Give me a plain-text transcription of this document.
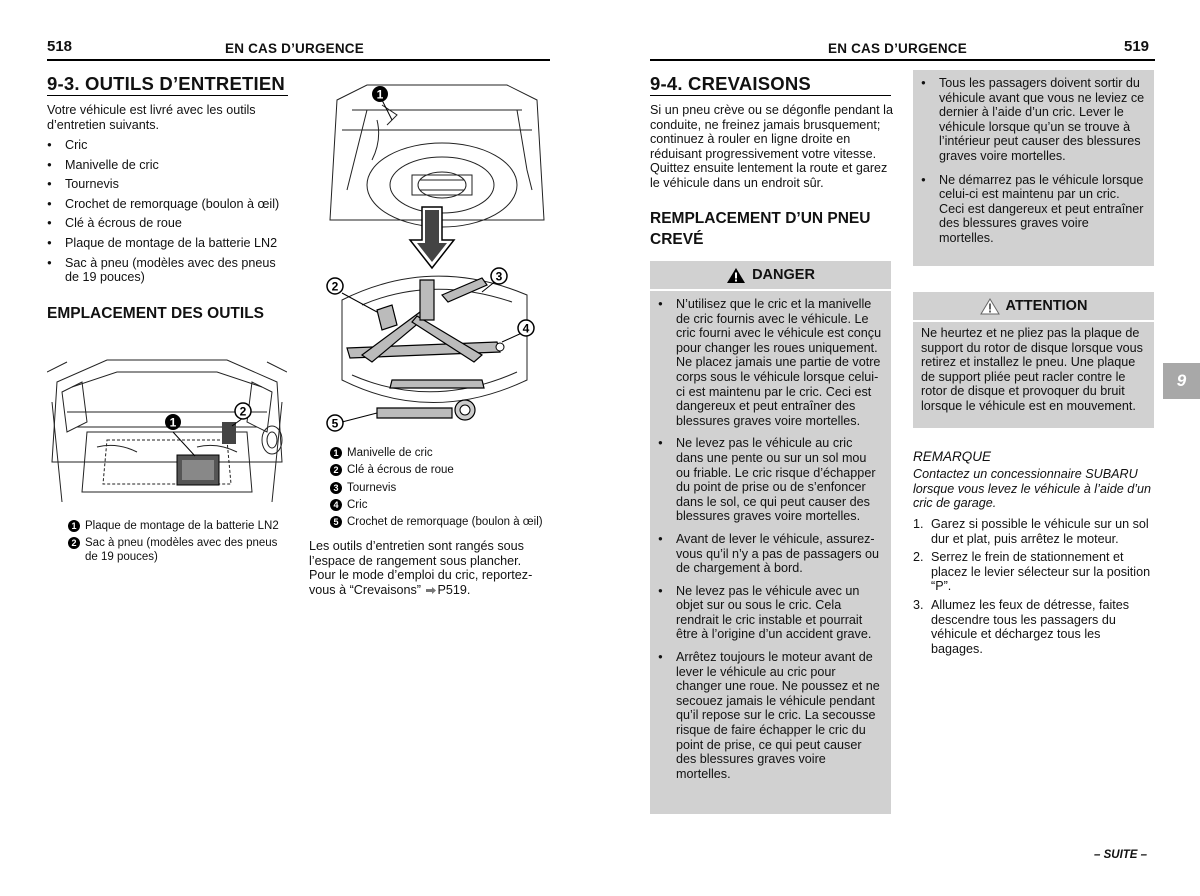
518	EN CAS D’URGENCE
9-3. OUTILS D’ENTRETIEN
Votre véhicule est livré avec les outils d’entretien suivants.
● Cric
● Manivelle de cric
● Tournevis
● Crochet de remorquage (boulon à œil)
● Clé à écrous de roue
● Plaque de montage de la batterie LN2
● Sac à pneu (modèles avec des pneus de 19 pouces)
EMPLACEMENT DES OUTILS
1
2
1 Plaque de montage de la batterie LN2
2 Sac à pneu (modèles avec des pneus de 19 pouces)
1
2
3
4
5
1 Manivelle de cric
2 Clé à écrous de roue
3 Tournevis
4 Cric
5 Crochet de remorquage (boulon à œil)
Les outils d’entretien sont rangés sous l’espace de rangement sous plancher. Pour le mode d’emploi du cric, reportez-vous à “Crevaisons” P519.
EN CAS D’URGENCE	519
9-4. CREVAISONS
Si un pneu crève ou se dégonfle pendant la conduite, ne freinez jamais brusquement; continuez à rouler en ligne droite en réduisant progressivement votre vitesse. Quittez ensuite lentement la route et garez le véhicule dans un endroit sûr.
REMPLACEMENT D’UN PNEU CREVÉ
DANGER
● N’utilisez que le cric et la manivelle de cric fournis avec le véhicule. Le cric fourni avec le véhicule est conçu pour changer les roues uniquement. Ne placez jamais une partie de votre corps sous le véhicule lorsque celui-ci est maintenu par le cric. Ceci est dangereux et peut entraîner des blessures graves voire mortelles.
● Ne levez pas le véhicule au cric dans une pente ou sur un sol mou ou friable. Le cric risque d’échapper du point de prise ou de s’enfoncer dans le sol, ce qui peut causer des blessures graves voire mortelles.
● Avant de lever le véhicule, assurez-vous qu’il n’y a pas de passagers ou de chargement à bord.
● Ne levez pas le véhicule avec un objet sur ou sous le cric. Cela rendrait le cric instable et pourrait être à l’origine d’un accident grave.
● Arrêtez toujours le moteur avant de lever le véhicule au cric pour changer une roue. Ne poussez et ne secouez jamais le véhicule pendant qu’il repose sur le cric. La secousse risque de faire échapper le cric du point de prise, ce qui peut causer des blessures graves voire mortelles.
● Tous les passagers doivent sortir du véhicule avant que vous ne leviez ce dernier à l’aide d’un cric. Lever le véhicule lorsque qu’un se trouve à l’intérieur peut causer des blessures graves voire mortelles.
● Ne démarrez pas le véhicule lorsque celui-ci est maintenu par un cric. Ceci est dangereux et peut entraîner des blessures graves voire mortelles.
ATTENTION
Ne heurtez et ne pliez pas la plaque de support du rotor de disque lorsque vous retirez et installez le pneu. Une plaque de support pliée peut racler contre le rotor de disque et provoquer du bruit lorsque le véhicule est en mouvement.
9
REMARQUE
Contactez un concessionnaire SUBARU lorsque vous levez le véhicule à l’aide d’un cric de garage.
1. Garez si possible le véhicule sur un sol dur et plat, puis arrêtez le moteur.
2. Serrez le frein de stationnement et placez le levier sélecteur sur la position “P”.
3. Allumez les feux de détresse, faites descendre tous les passagers du véhicule et déchargez tous les bagages.
– SUITE –
